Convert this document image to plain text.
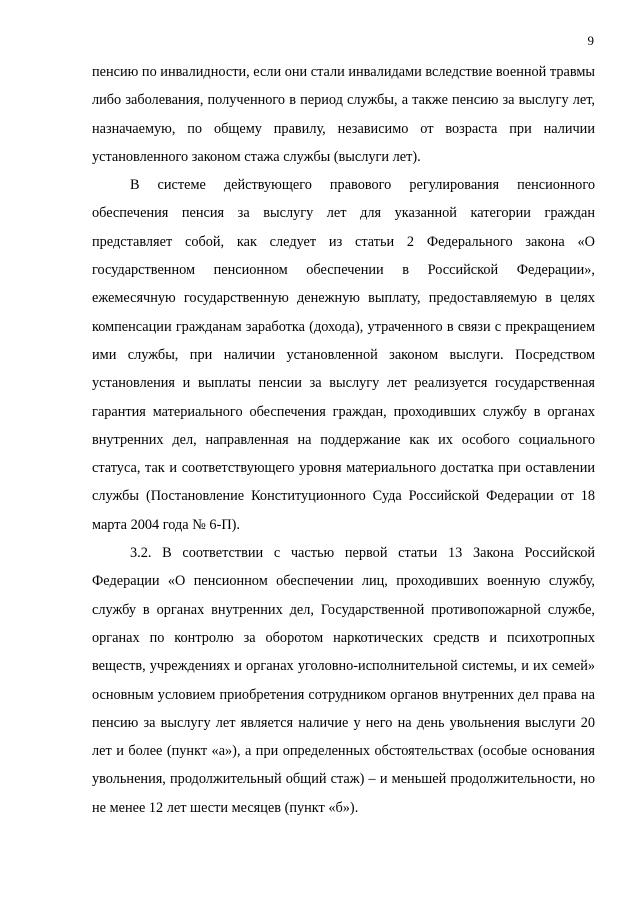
9

пенсию по инвалидности, если они стали инвалидами вследствие военной травмы либо заболевания, полученного в период службы, а также пенсию за выслугу лет, назначаемую, по общему правилу, независимо от возраста при наличии установленного законом стажа службы (выслуги лет).

В системе действующего правового регулирования пенсионного обеспечения пенсия за выслугу лет для указанной категории граждан представляет собой, как следует из статьи 2 Федерального закона «О государственном пенсионном обеспечении в Российской Федерации», ежемесячную государственную денежную выплату, предоставляемую в целях компенсации гражданам заработка (дохода), утраченного в связи с прекращением ими службы, при наличии установленной законом выслуги. Посредством установления и выплаты пенсии за выслугу лет реализуется государственная гарантия материального обеспечения граждан, проходивших службу в органах внутренних дел, направленная на поддержание как их особого социального статуса, так и соответствующего уровня материального достатка при оставлении службы (Постановление Конституционного Суда Российской Федерации от 18 марта 2004 года № 6-П).

3.2. В соответствии с частью первой статьи 13 Закона Российской Федерации «О пенсионном обеспечении лиц, проходивших военную службу, службу в органах внутренних дел, Государственной противопожарной службе, органах по контролю за оборотом наркотических средств и психотропных веществ, учреждениях и органах уголовно-исполнительной системы, и их семей» основным условием приобретения сотрудником органов внутренних дел права на пенсию за выслугу лет является наличие у него на день увольнения выслуги 20 лет и более (пункт «а»), а при определенных обстоятельствах (особые основания увольнения, продолжительный общий стаж) – и меньшей продолжительности, но не менее 12 лет шести месяцев (пункт «б»).
